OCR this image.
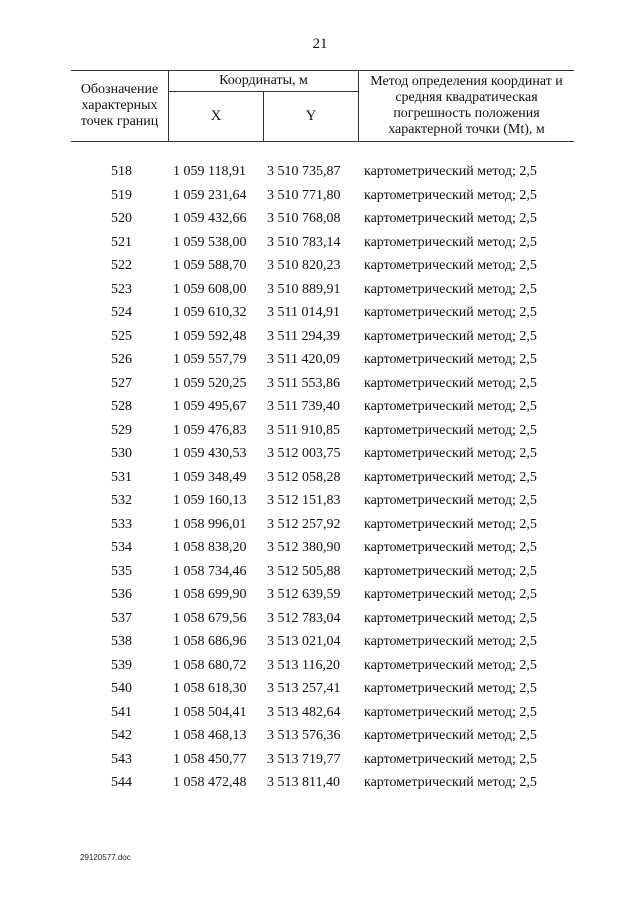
21
Обозначение характерных точек границ	Координаты, м		Метод определения координат и средняя квадратическая погрешность положения характерной точки (Mt), м
	X	Y	
518	1 059 118,91	3 510 735,87	картометрический метод; 2,5
519	1 059 231,64	3 510 771,80	картометрический метод; 2,5
520	1 059 432,66	3 510 768,08	картометрический метод; 2,5
521	1 059 538,00	3 510 783,14	картометрический метод; 2,5
522	1 059 588,70	3 510 820,23	картометрический метод; 2,5
523	1 059 608,00	3 510 889,91	картометрический метод; 2,5
524	1 059 610,32	3 511 014,91	картометрический метод; 2,5
525	1 059 592,48	3 511 294,39	картометрический метод; 2,5
526	1 059 557,79	3 511 420,09	картометрический метод; 2,5
527	1 059 520,25	3 511 553,86	картометрический метод; 2,5
528	1 059 495,67	3 511 739,40	картометрический метод; 2,5
529	1 059 476,83	3 511 910,85	картометрический метод; 2,5
530	1 059 430,53	3 512 003,75	картометрический метод; 2,5
531	1 059 348,49	3 512 058,28	картометрический метод; 2,5
532	1 059 160,13	3 512 151,83	картометрический метод; 2,5
533	1 058 996,01	3 512 257,92	картометрический метод; 2,5
534	1 058 838,20	3 512 380,90	картометрический метод; 2,5
535	1 058 734,46	3 512 505,88	картометрический метод; 2,5
536	1 058 699,90	3 512 639,59	картометрический метод; 2,5
537	1 058 679,56	3 512 783,04	картометрический метод; 2,5
538	1 058 686,96	3 513 021,04	картометрический метод; 2,5
539	1 058 680,72	3 513 116,20	картометрический метод; 2,5
540	1 058 618,30	3 513 257,41	картометрический метод; 2,5
541	1 058 504,41	3 513 482,64	картометрический метод; 2,5
542	1 058 468,13	3 513 576,36	картометрический метод; 2,5
543	1 058 450,77	3 513 719,77	картометрический метод; 2,5
544	1 058 472,48	3 513 811,40	картометрический метод; 2,5
29120577.doc
